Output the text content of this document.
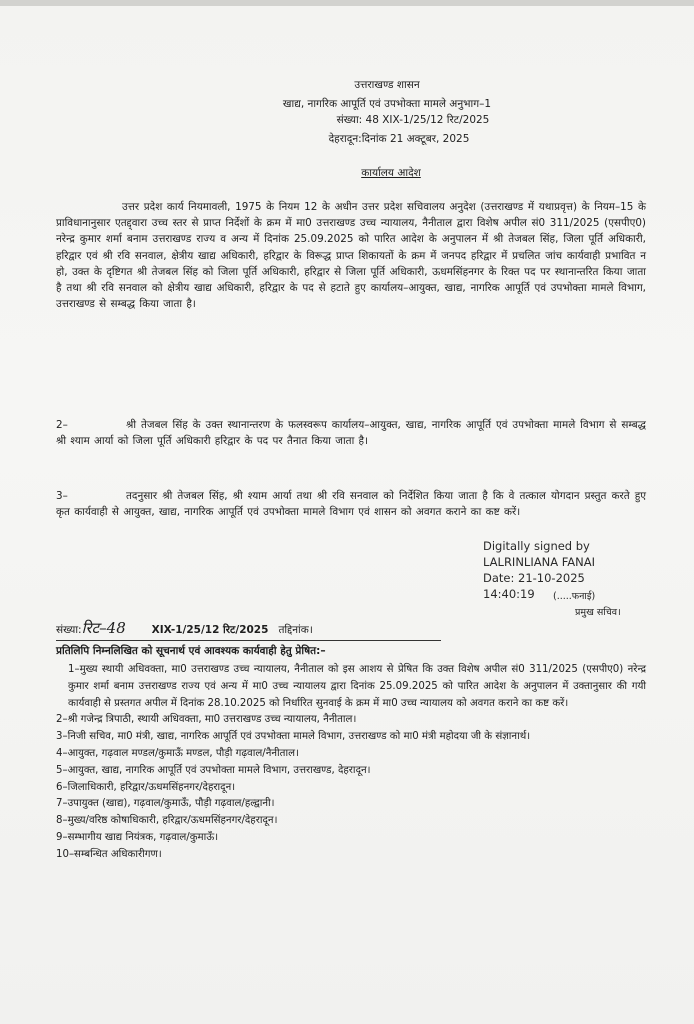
उत्तराखण्ड शासन
खाद्य, नागरिक आपूर्ति एवं उपभोक्ता मामले अनुभाग–1
संख्या: 48 XIX-1/25/12 रिट/2025
देहरादून:दिनांक 21 अक्टूबर, 2025
कार्यालय आदेश
उत्तर प्रदेश कार्य नियमावली, 1975 के नियम 12 के अधीन उत्तर प्रदेश सचिवालय अनुदेश (उत्तराखण्ड में यथाप्रवृत्त) के नियम–15 के प्राविधानानुसार एतद्द्वारा उच्च स्तर से प्राप्त निर्देशों के क्रम में मा0 उत्तराखण्ड उच्च न्यायालय, नैनीताल द्वारा विशेष अपील सं0 311/2025 (एसपीए0) नरेन्द्र कुमार शर्मा बनाम उत्तराखण्ड राज्य व अन्य में दिनांक 25.09.2025 को पारित आदेश के अनुपालन में श्री तेजबल सिंह, जिला पूर्ति अधिकारी, हरिद्वार एवं श्री रवि सनवाल, क्षेत्रीय खाद्य अधिकारी, हरिद्वार के विरूद्ध प्राप्त शिकायतों के क्रम में जनपद हरिद्वार में प्रचलित जांच कार्यवाही प्रभावित न हो, उक्त के दृष्टिगत श्री तेजबल सिंह को जिला पूर्ति अधिकारी, हरिद्वार से जिला पूर्ति अधिकारी, ऊधमसिंहनगर के रिक्त पद पर स्थानान्तरित किया जाता है तथा श्री रवि सनवाल को क्षेत्रीय खाद्य अधिकारी, हरिद्वार के पद से हटाते हुए कार्यालय–आयुक्त, खाद्य, नागरिक आपूर्ति एवं उपभोक्ता मामले विभाग, उत्तराखण्ड से सम्बद्ध किया जाता है।
2–	श्री तेजबल सिंह के उक्त स्थानान्तरण के फलस्वरूप कार्यालय–आयुक्त, खाद्य, नागरिक आपूर्ति एवं उपभोक्ता मामले विभाग से सम्बद्ध श्री श्याम आर्या को जिला पूर्ति अधिकारी हरिद्वार के पद पर तैनात किया जाता है।
3–	तदनुसार श्री तेजबल सिंह, श्री श्याम आर्या तथा श्री रवि सनवाल को निर्देशित किया जाता है कि वे तत्काल योगदान प्रस्तुत करते हुए कृत कार्यवाही से आयुक्त, खाद्य, नागरिक आपूर्ति एवं उपभोक्ता मामले विभाग एवं शासन को अवगत कराने का कष्ट करें।
Digitally signed by
LALRINLIANA FANAI
Date: 21-10-2025
14:40:19	(.....फनाई)
प्रमुख सचिव।
संख्या:रिट–48 XIX-1/25/12 रिट/2025 तद्दिनांक।
प्रतिलिपि निम्नलिखित को सूचनार्थ एवं आवश्यक कार्यवाही हेतु प्रेषित:–
1–मुख्य स्थायी अधिवक्ता, मा0 उत्तराखण्ड उच्च न्यायालय, नैनीताल को इस आशय से प्रेषित कि उक्त विशेष अपील सं0 311/2025 (एसपीए0) नरेन्द्र कुमार शर्मा बनाम उत्तराखण्ड राज्य एवं अन्य में मा0 उच्च न्यायालय द्वारा दिनांक 25.09.2025 को पारित आदेश के अनुपालन में उक्तानुसार की गयी कार्यवाही से प्रस्तगत अपील में दिनांक 28.10.2025 को निर्धारित सुनवाई के क्रम में मा0 उच्च न्यायालय को अवगत कराने का कष्ट करें।
2–श्री गजेन्द्र त्रिपाठी, स्थायी अधिवक्ता, मा0 उत्तराखण्ड उच्च न्यायालय, नैनीताल।
3–निजी सचिव, मा0 मंत्री, खाद्य, नागरिक आपूर्ति एवं उपभोक्ता मामले विभाग, उत्तराखण्ड को मा0 मंत्री महोदया जी के संज्ञानार्थ।
4–आयुक्त, गढ़वाल मण्डल/कुमाऊँ मण्डल, पौड़ी गढ़वाल/नैनीताल।
5–आयुक्त, खाद्य, नागरिक आपूर्ति एवं उपभोक्ता मामले विभाग, उत्तराखण्ड, देहरादून।
6–जिलाधिकारी, हरिद्वार/ऊधमसिंहनगर/देहरादून।
7–उपायुक्त (खाद्य), गढ़वाल/कुमाऊँ, पौड़ी गढ़वाल/हल्द्वानी।
8–मुख्य/वरिष्ठ कोषाधिकारी, हरिद्वार/ऊधमसिंहनगर/देहरादून।
9–सम्भागीय खाद्य नियंत्रक, गढ़वाल/कुमाऊँ।
10–सम्बन्धित अधिकारीगण।
